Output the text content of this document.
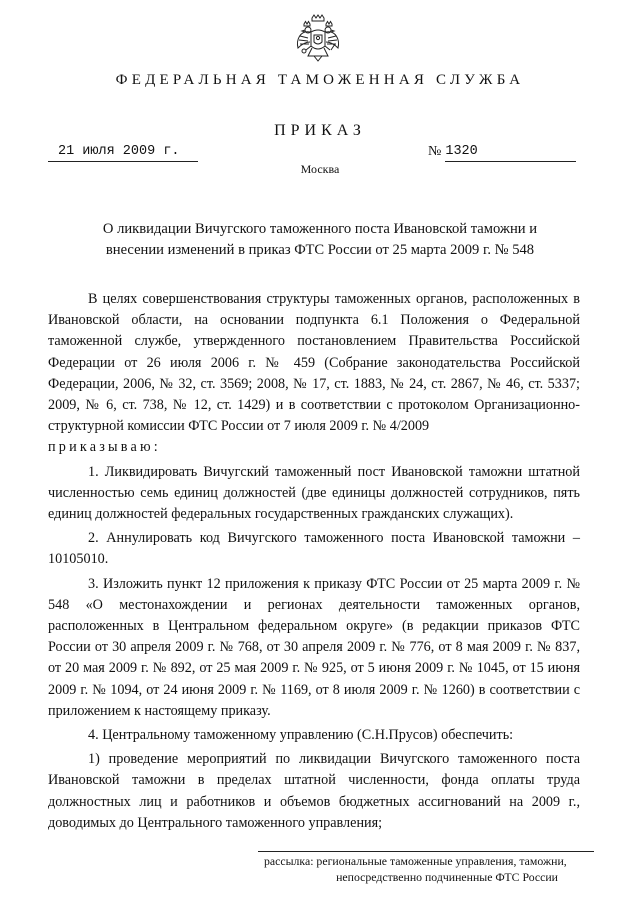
ФЕДЕРАЛЬНАЯ ТАМОЖЕННАЯ СЛУЖБА
ПРИКАЗ
21 июля 2009 г.	№ 1320
Москва
О ликвидации Вичугского таможенного поста Ивановской таможни и
внесении изменений в приказ ФТС России от 25 марта 2009 г. № 548

В целях совершенствования структуры таможенных органов, расположенных в Ивановской области, на основании подпункта 6.1 Положения о Федеральной таможенной службе, утвержденного постановлением Правительства Российской Федерации от 26 июля 2006 г. № 459 (Собрание законодательства Российской Федерации, 2006, № 32, ст. 3569; 2008, № 17, ст. 1883, № 24, ст. 2867, № 46, ст. 5337; 2009, № 6, ст. 738, № 12, ст. 1429) и в соответствии с протоколом Организационно-структурной комиссии ФТС России от 7 июля 2009 г. № 4/2009

приказываю:

1. Ликвидировать Вичугский таможенный пост Ивановской таможни штатной численностью семь единиц должностей (две единицы должностей сотрудников, пять единиц должностей федеральных государственных гражданских служащих).

2. Аннулировать код Вичугского таможенного поста Ивановской таможни – 10105010.

3. Изложить пункт 12 приложения к приказу ФТС России от 25 марта 2009 г. № 548 «О местонахождении и регионах деятельности таможенных органов, расположенных в Центральном федеральном округе» (в редакции приказов ФТС России от 30 апреля 2009 г. № 768, от 30 апреля 2009 г. № 776, от 8 мая 2009 г. № 837, от 20 мая 2009 г. № 892, от 25 мая 2009 г. № 925, от 5 июня 2009 г. № 1045, от 15 июня 2009 г. № 1094, от 24 июня 2009 г. № 1169, от 8 июля 2009 г. № 1260) в соответствии с приложением к настоящему приказу.

4. Центральному таможенному управлению (С.Н.Прусов) обеспечить:

1) проведение мероприятий по ликвидации Вичугского таможенного поста Ивановской таможни в пределах штатной численности, фонда оплаты труда должностных лиц и работников и объемов бюджетных ассигнований на 2009 г., доводимых до Центрального таможенного управления;

рассылка: региональные таможенные управления, таможни,
непосредственно подчиненные ФТС России
